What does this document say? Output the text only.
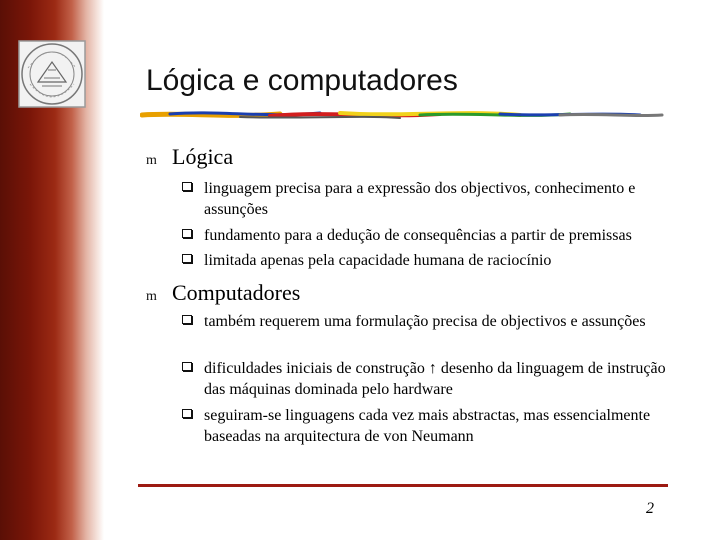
Lógica e computadores
m Lógica
linguagem precisa para a expressão dos objectivos, conhecimento e assunções
fundamento para a dedução de consequências a partir de premissas
limitada apenas pela capacidade humana de raciocínio
m Computadores
também requerem uma formulação precisa de objectivos e assunções
dificuldades iniciais de construção ↑ desenho da linguagem de instrução das máquinas dominada pelo hardware
seguiram-se linguagens cada vez mais abstractas, mas essencialmente baseadas na arquitectura de von Neumann
2
